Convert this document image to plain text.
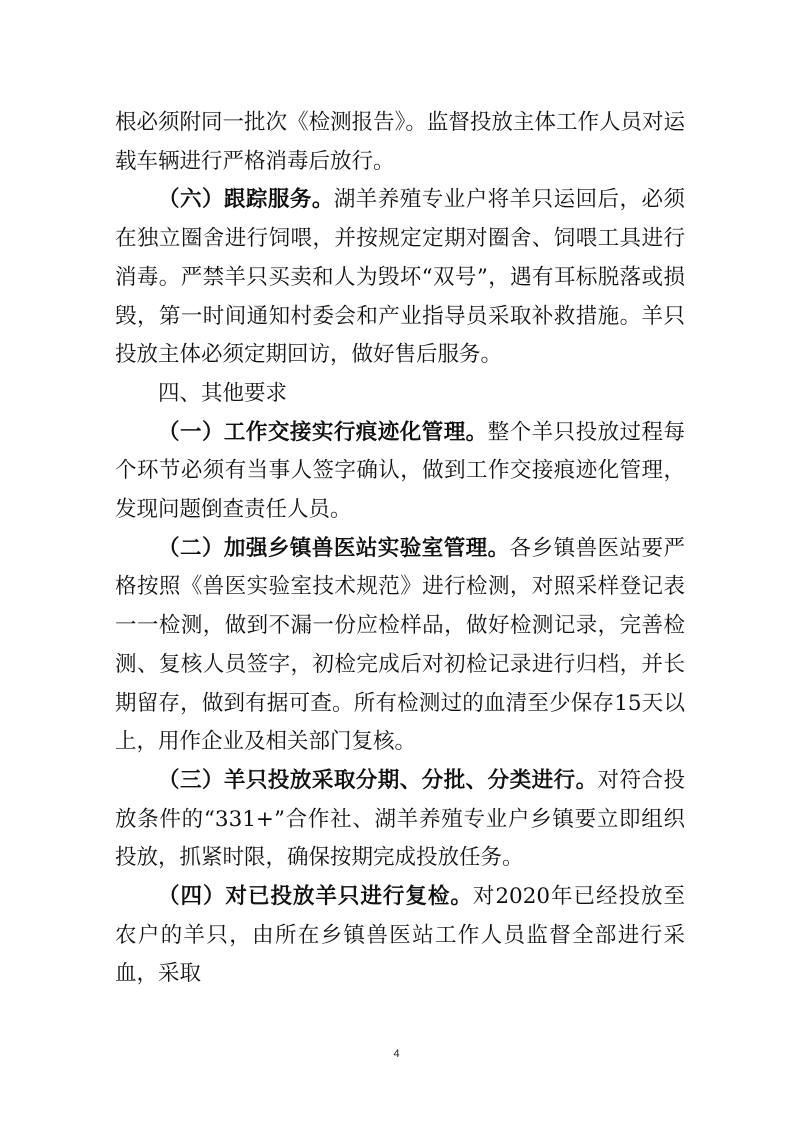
根必须附同一批次《检测报告》。监督投放主体工作人员对运载车辆进行严格消毒后放行。

（六）跟踪服务。湖羊养殖专业户将羊只运回后，必须在独立圈舍进行饲喂，并按规定定期对圈舍、饲喂工具进行消毒。严禁羊只买卖和人为毁坏“双号”，遇有耳标脱落或损毁，第一时间通知村委会和产业指导员采取补救措施。羊只投放主体必须定期回访，做好售后服务。

四、其他要求

（一）工作交接实行痕迹化管理。整个羊只投放过程每个环节必须有当事人签字确认，做到工作交接痕迹化管理，发现问题倒查责任人员。

（二）加强乡镇兽医站实验室管理。各乡镇兽医站要严格按照《兽医实验室技术规范》进行检测，对照采样登记表一一检测，做到不漏一份应检样品，做好检测记录，完善检测、复核人员签字，初检完成后对初检记录进行归档，并长期留存，做到有据可查。所有检测过的血清至少保存15天以上，用作企业及相关部门复核。

（三）羊只投放采取分期、分批、分类进行。对符合投放条件的“331+”合作社、湖羊养殖专业户乡镇要立即组织投放，抓紧时限，确保按期完成投放任务。

（四）对已投放羊只进行复检。对2020年已经投放至农户的羊只，由所在乡镇兽医站工作人员监督全部进行采血，采取

4
